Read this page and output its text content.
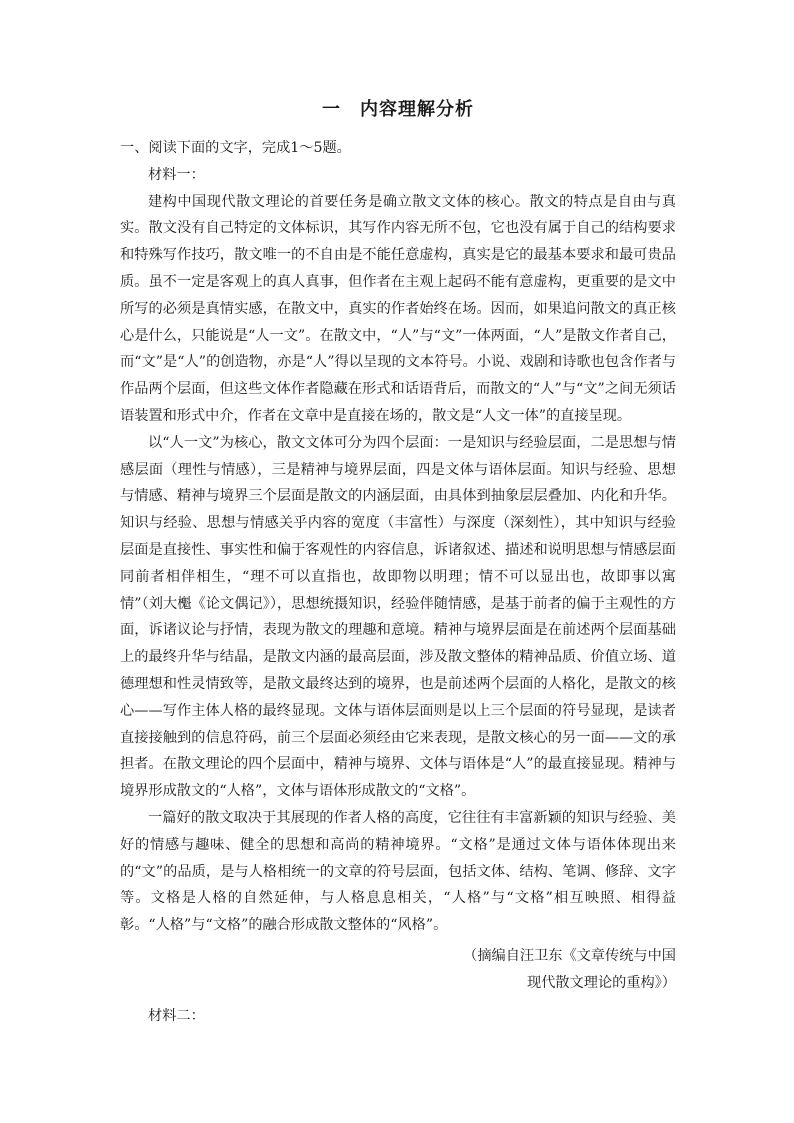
一　内容理解分析

一、阅读下面的文字，完成1～5题。

材料一：

建构中国现代散文理论的首要任务是确立散文文体的核心。散文的特点是自由与真实。散文没有自己特定的文体标识，其写作内容无所不包，它也没有属于自己的结构要求和特殊写作技巧，散文唯一的不自由是不能任意虚构，真实是它的最基本要求和最可贵品质。虽不一定是客观上的真人真事，但作者在主观上起码不能有意虚构，更重要的是文中所写的必须是真情实感，在散文中，真实的作者始终在场。因而，如果追问散文的真正核心是什么，只能说是“人一文”。在散文中，“人”与“文”一体两面，“人”是散文作者自己，而“文”是“人”的创造物，亦是“人”得以呈现的文本符号。小说、戏剧和诗歌也包含作者与作品两个层面，但这些文体作者隐藏在形式和话语背后，而散文的“人”与“文”之间无须话语装置和形式中介，作者在文章中是直接在场的，散文是“人文一体”的直接呈现。

以“人一文”为核心，散文文体可分为四个层面：一是知识与经验层面，二是思想与情感层面（理性与情感），三是精神与境界层面，四是文体与语体层面。知识与经验、思想与情感、精神与境界三个层面是散文的内涵层面，由具体到抽象层层叠加、内化和升华。知识与经验、思想与情感关乎内容的宽度（丰富性）与深度（深刻性），其中知识与经验层面是直接性、事实性和偏于客观性的内容信息，诉诸叙述、描述和说明思想与情感层面同前者相伴相生，“理不可以直指也，故即物以明理；情不可以显出也，故即事以寓情”（刘大櫆《论文偶记》），思想统摄知识，经验伴随情感，是基于前者的偏于主观性的方面，诉诸议论与抒情，表现为散文的理趣和意境。精神与境界层面是在前述两个层面基础上的最终升华与结晶，是散文内涵的最高层面，涉及散文整体的精神品质、价值立场、道德理想和性灵情致等，是散文最终达到的境界，也是前述两个层面的人格化，是散文的核心——写作主体人格的最终显现。文体与语体层面则是以上三个层面的符号显现，是读者直接接触到的信息符码，前三个层面必须经由它来表现，是散文核心的另一面——文的承担者。在散文理论的四个层面中，精神与境界、文体与语体是“人”的最直接显现。精神与境界形成散文的“人格”，文体与语体形成散文的“文格”。

一篇好的散文取决于其展现的作者人格的高度，它往往有丰富新颖的知识与经验、美好的情感与趣味、健全的思想和高尚的精神境界。“文格”是通过文体与语体体现出来的“文”的品质，是与人格相统一的文章的符号层面，包括文体、结构、笔调、修辞、文字等。文格是人格的自然延伸，与人格息息相关，“人格”与“文格”相互映照、相得益彰。“人格”与“文格”的融合形成散文整体的“风格”。

（摘编自汪卫东《文章传统与中国
现代散文理论的重构》）

材料二：
